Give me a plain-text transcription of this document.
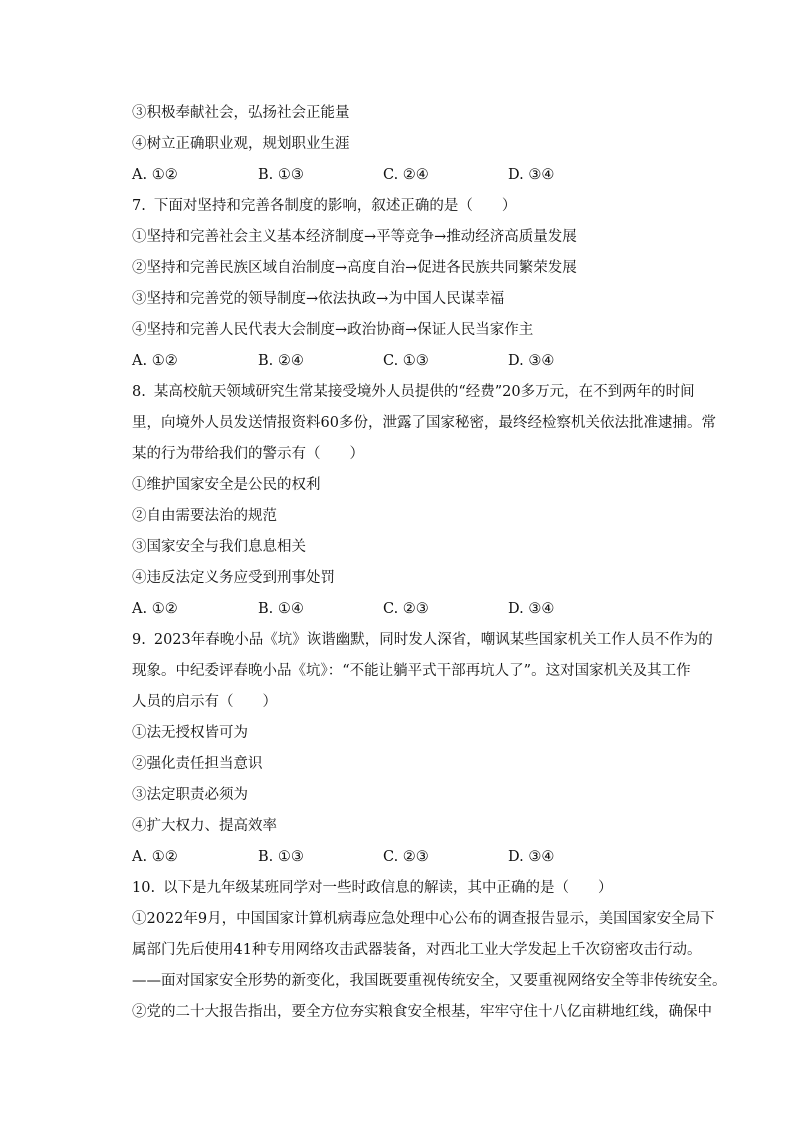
③积极奉献社会，弘扬社会正能量
④树立正确职业观，规划职业生涯
A. ①②	B. ①③	C. ②④	D. ③④
7. 下面对坚持和完善各制度的影响，叙述正确的是（　　）
①坚持和完善社会主义基本经济制度→平等竞争→推动经济高质量发展
②坚持和完善民族区域自治制度→高度自治→促进各民族共同繁荣发展
③坚持和完善党的领导制度→依法执政→为中国人民谋幸福
④坚持和完善人民代表大会制度→政治协商→保证人民当家作主
A. ①②	B. ②④	C. ①③	D. ③④
8. 某高校航天领域研究生常某接受境外人员提供的“经费”20多万元，在不到两年的时间
里，向境外人员发送情报资料60多份，泄露了国家秘密，最终经检察机关依法批准逮捕。常
某的行为带给我们的警示有（　　）
①维护国家安全是公民的权利
②自由需要法治的规范
③国家安全与我们息息相关
④违反法定义务应受到刑事处罚
A. ①②	B. ①④	C. ②③	D. ③④
9. 2023年春晚小品《坑》诙谐幽默，同时发人深省，嘲讽某些国家机关工作人员不作为的
现象。中纪委评春晚小品《坑》：“不能让躺平式干部再坑人了”。这对国家机关及其工作
人员的启示有（　　）
①法无授权皆可为
②强化责任担当意识
③法定职责必须为
④扩大权力、提高效率
A. ①②	B. ①③	C. ②③	D. ③④
10. 以下是九年级某班同学对一些时政信息的解读，其中正确的是（　　）
①2022年9月，中国国家计算机病毒应急处理中心公布的调查报告显示，美国国家安全局下
属部门先后使用41种专用网络攻击武器装备，对西北工业大学发起上千次窃密攻击行动。
——面对国家安全形势的新变化，我国既要重视传统安全，又要重视网络安全等非传统安全。
②党的二十大报告指出，要全方位夯实粮食安全根基，牢牢守住十八亿亩耕地红线，确保中
